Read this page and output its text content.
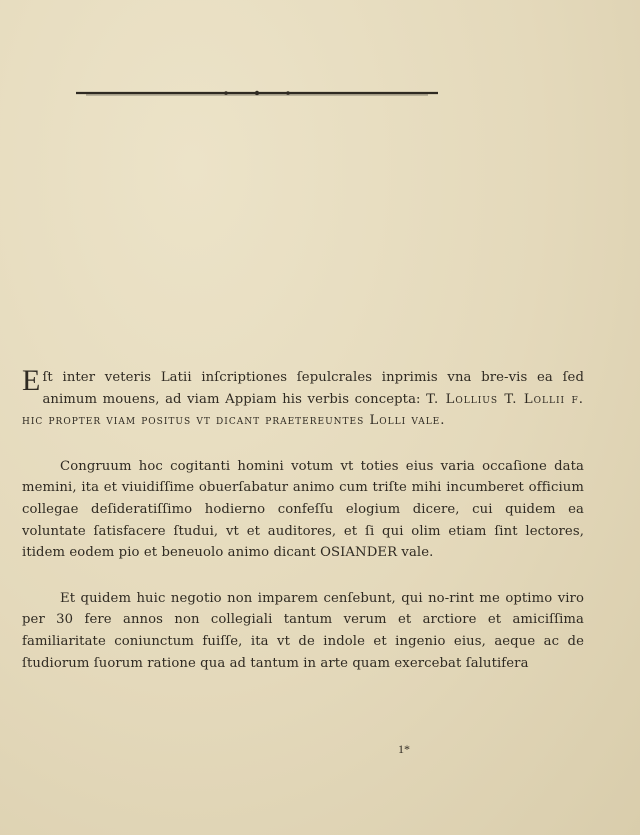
Eſt inter veteris Latii inſcriptiones ſepulcrales inprimis vna bre-vis ea ſed animum mouens, ad viam Appiam his verbis concepta: T. Lollius T. Lollii f. hic propter viam positus vt dicant praetereuntes Lolli vale.

Congruum hoc cogitanti homini votum vt toties eius varia occaſione data memini, ita et viuidiſſime obuerſabatur animo cum triſte mihi incumberet officium collegae deſideratiſſimo hodierno confeſſu elogium dicere, cui quidem ea voluntate ſatisfacere ſtudui, vt et auditores, et ſi qui olim etiam ſint lectores, itidem eodem pio et beneuolo animo dicant OSIANDER vale.

Et quidem huic negotio non imparem cenſebunt, qui no-rint me optimo viro per 30 fere annos non collegiali tantum verum et arctiore et amiciſſima familiaritate coniunctum fuiſſe, ita vt de indole et ingenio eius, aeque ac de ſtudiorum ſuorum ratione qua ad tantum in arte quam exercebat ſalutifera

1*
